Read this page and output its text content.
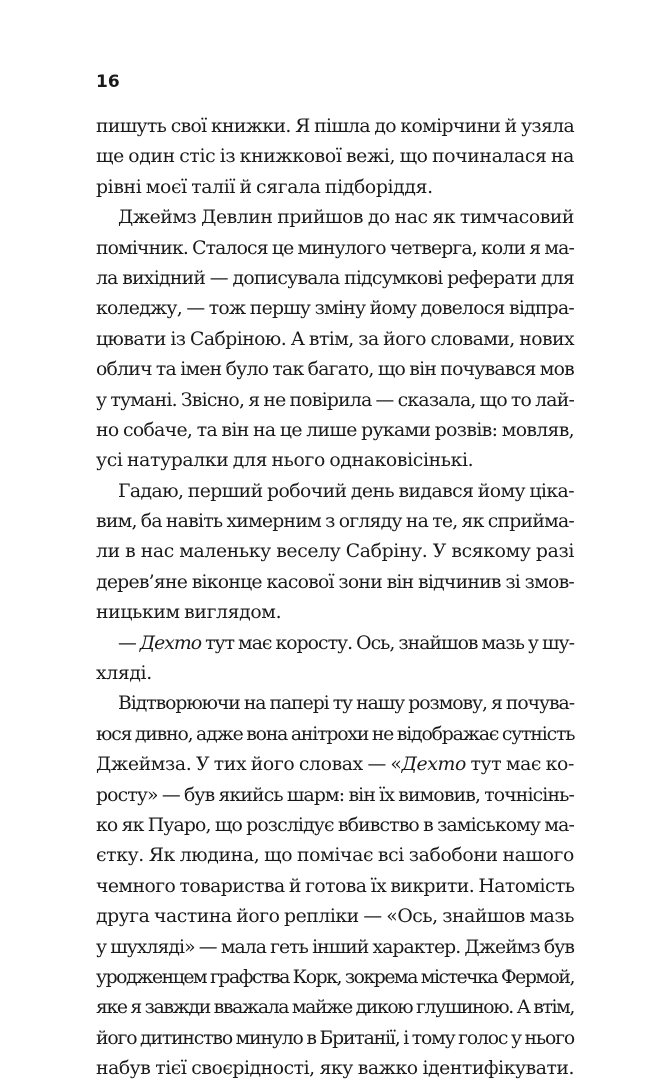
16
пишуть свої книжки. Я пішла до комірчини й узяла
ще один стіс із книжкової вежі, що починалася на
рівні моєї талії й сягала підборіддя.
Джеймз Девлин прийшов до нас як тимчасовий
помічник. Сталося це минулого четверга, коли я ма-
ла вихідний — дописувала підсумкові реферати для
коледжу, — тож першу зміну йому довелося відпра-
цювати із Сабріною. А втім, за його словами, нових
облич та імен було так багато, що він почувався мов
у тумані. Звісно, я не повірила — сказала, що то лай-
но собаче, та він на це лише руками розвів: мовляв,
усі натуралки для нього однаковісінькі.
Гадаю, перший робочий день видався йому ціка-
вим, ба навіть химерним з огляду на те, як сприйма-
ли в нас маленьку веселу Сабріну. У всякому разі
дерев’яне віконце касової зони він відчинив зі змов-
ницьким виглядом.
— Дехто тут має коросту. Ось, знайшов мазь у шу-
хляді.
Відтворюючи на папері ту нашу розмову, я почува-
юся дивно, адже вона анітрохи не відображає сутність
Джеймза. У тих його словах — «Дехто тут має ко-
росту» — був якийсь шарм: він їх вимовив, точнісінь-
ко як Пуаро, що розслідує вбивство в заміському ма-
єтку. Як людина, що помічає всі забобони нашого
чемного товариства й готова їх викрити. Натомість
друга частина його репліки — «Ось, знайшов мазь
у шухляді» — мала геть інший характер. Джеймз був
уродженцем графства Корк, зокрема містечка Фермой,
яке я завжди вважала майже дикою глушиною. А втім,
його дитинство минуло в Британії, і тому голос у нього
набув тієї своєрідності, яку важко ідентифікувати.
